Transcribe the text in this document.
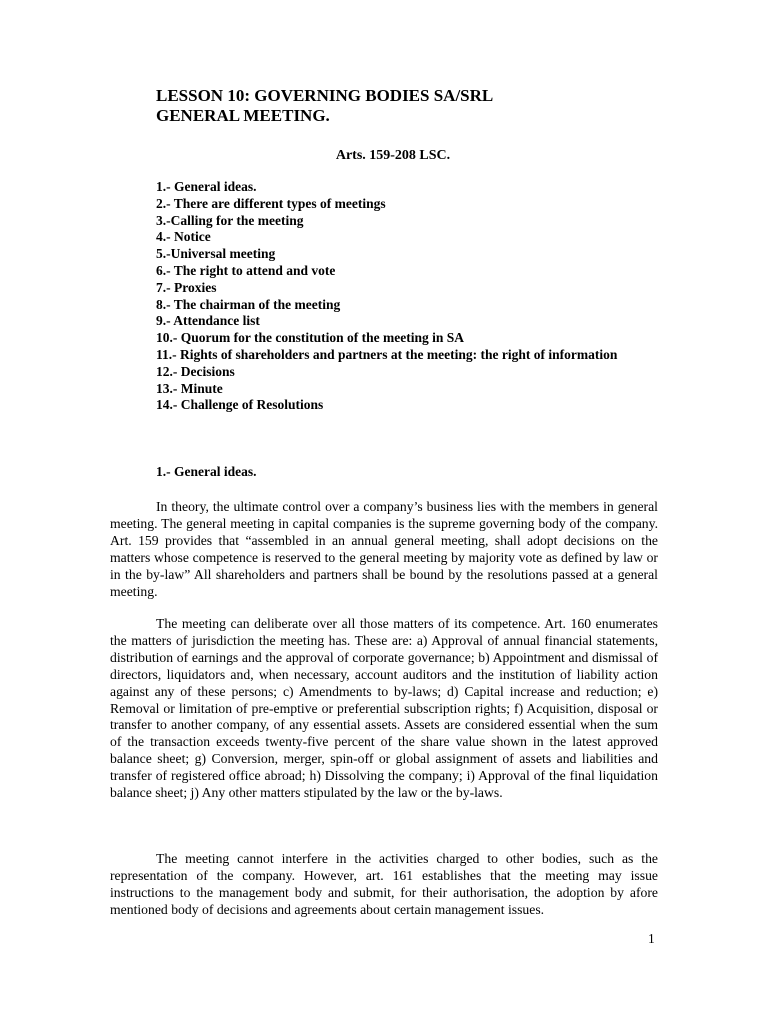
LESSON 10: GOVERNING BODIES SA/SRL
GENERAL MEETING.
Arts. 159-208 LSC.
1.- General ideas.
2.- There are different types of meetings
3.-Calling for the meeting
4.- Notice
5.-Universal meeting
6.- The right to attend and vote
7.- Proxies
8.- The chairman of the meeting
9.- Attendance list
10.- Quorum for the constitution of the meeting in SA
11.- Rights of shareholders and partners at the meeting: the right of information
12.- Decisions
13.- Minute
14.- Challenge of Resolutions
1.- General ideas.

In theory, the ultimate control over a company’s business lies with the members in general meeting. The general meeting in capital companies is the supreme governing body of the company. Art. 159 provides that “assembled in an annual general meeting, shall adopt decisions on the matters whose competence is reserved to the general meeting by majority vote as defined by law or in the by-law” All shareholders and partners shall be bound by the resolutions passed at a general meeting.

The meeting can deliberate over all those matters of its competence. Art. 160 enumerates the matters of jurisdiction the meeting has. These are: a) Approval of annual financial statements, distribution of earnings and the approval of corporate governance; b) Appointment and dismissal of directors, liquidators and, when necessary, account auditors and the institution of liability action against any of these persons; c) Amendments to by-laws; d) Capital increase and reduction; e) Removal or limitation of pre-emptive or preferential subscription rights; f) Acquisition, disposal or transfer to another company, of any essential assets. Assets are considered essential when the sum of the transaction exceeds twenty-five percent of the share value shown in the latest approved balance sheet; g) Conversion, merger, spin-off or global assignment of assets and liabilities and transfer of registered office abroad; h) Dissolving the company; i) Approval of the final liquidation balance sheet; j) Any other matters stipulated by the law or the by-laws.

The meeting cannot interfere in the activities charged to other bodies, such as the representation of the company. However, art. 161 establishes that the meeting may issue instructions to the management body and submit, for their authorisation, the adoption by afore mentioned body of decisions and agreements about certain management issues.

1
